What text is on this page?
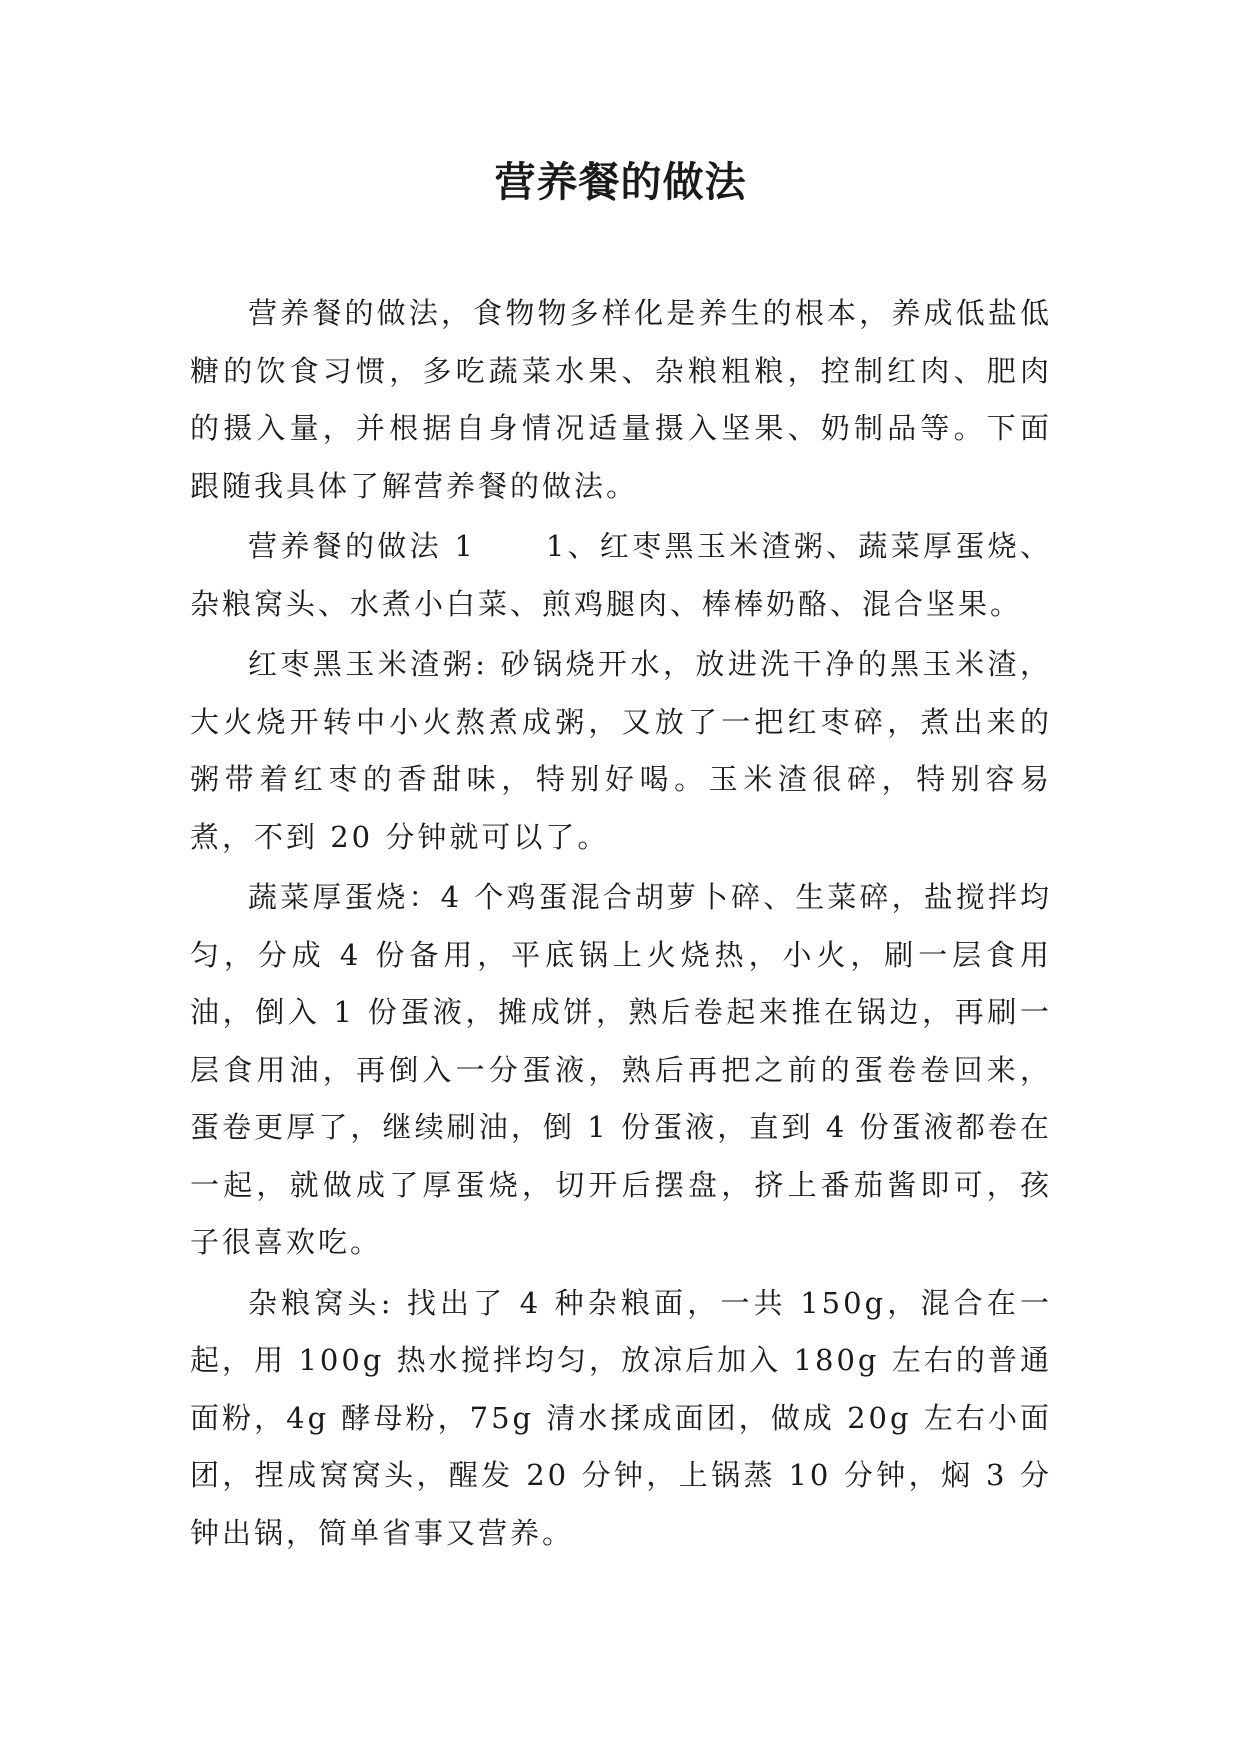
营养餐的做法

营养餐的做法，食物物多样化是养生的根本，养成低盐低糖的饮食习惯，多吃蔬菜水果、杂粮粗粮，控制红肉、肥肉的摄入量，并根据自身情况适量摄入坚果、奶制品等。下面跟随我具体了解营养餐的做法。

营养餐的做法 1 1、红枣黑玉米渣粥、蔬菜厚蛋烧、杂粮窝头、水煮小白菜、煎鸡腿肉、棒棒奶酪、混合坚果。

红枣黑玉米渣粥: 砂锅烧开水，放进洗干净的黑玉米渣，大火烧开转中小火熬煮成粥，又放了一把红枣碎，煮出来的粥带着红枣的香甜味，特别好喝。玉米渣很碎，特别容易煮，不到 20 分钟就可以了。

蔬菜厚蛋烧：4 个鸡蛋混合胡萝卜碎、生菜碎，盐搅拌均匀，分成 4 份备用，平底锅上火烧热，小火，刷一层食用油，倒入 1 份蛋液，摊成饼，熟后卷起来推在锅边，再刷一层食用油，再倒入一分蛋液，熟后再把之前的蛋卷卷回来，蛋卷更厚了，继续刷油，倒 1 份蛋液，直到 4 份蛋液都卷在一起，就做成了厚蛋烧，切开后摆盘，挤上番茄酱即可，孩子很喜欢吃。

杂粮窝头: 找出了 4 种杂粮面，一共 150g，混合在一起，用 100g 热水搅拌均匀，放凉后加入 180g 左右的普通面粉，4g 酵母粉，75g 清水揉成面团，做成 20g 左右小面团，捏成窝窝头，醒发 20 分钟，上锅蒸 10 分钟，焖 3 分钟出锅，简单省事又营养。
